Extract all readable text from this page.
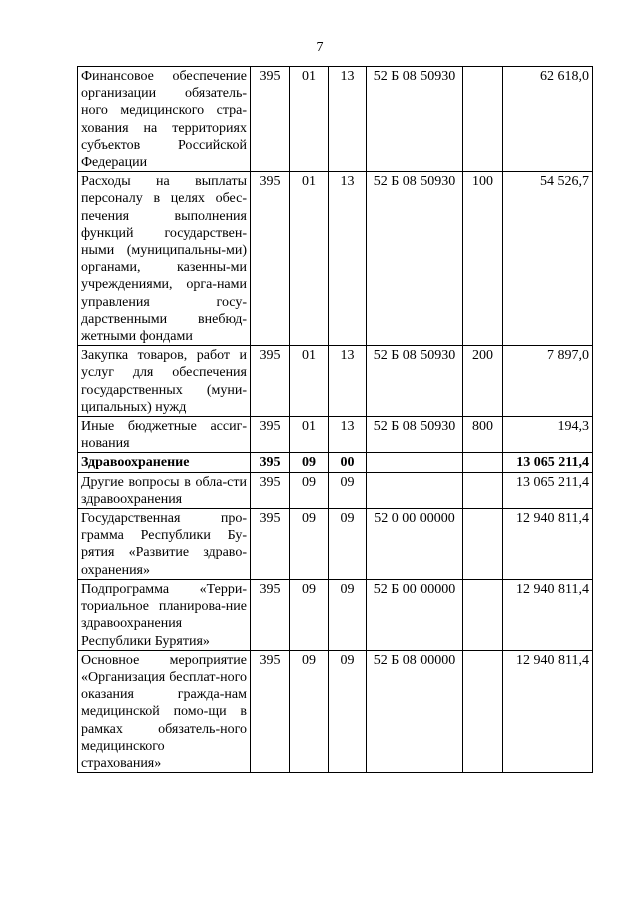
7
Финансовое обеспечение организации обязатель-ного медицинского стра-хования на территориях субъектов Российской Федерации	395	01	13	52 Б 08 50930		62 618,0
Расходы на выплаты персоналу в целях обес-печения выполнения функций государствен-ными (муниципальны-ми) органами, казенны-ми учреждениями, орга-нами управления госу-дарственными внебюд-жетными фондами	395	01	13	52 Б 08 50930	100	54 526,7
Закупка товаров, работ и услуг для обеспечения государственных (муни-ципальных) нужд	395	01	13	52 Б 08 50930	200	7 897,0
Иные бюджетные ассиг-нования	395	01	13	52 Б 08 50930	800	194,3
Здравоохранение	395	09	00			13 065 211,4
Другие вопросы в обла-сти здравоохранения	395	09	09			13 065 211,4
Государственная про-грамма Республики Бу-рятия «Развитие здраво-охранения»	395	09	09	52 0 00 00000		12 940 811,4
Подпрограмма «Терри-ториальное планирова-ние здравоохранения Республики Бурятия»	395	09	09	52 Б 00 00000		12 940 811,4
Основное мероприятие «Организация бесплат-ного оказания гражда-нам медицинской помо-щи в рамках обязатель-ного медицинского страхования»	395	09	09	52 Б 08 00000		12 940 811,4
